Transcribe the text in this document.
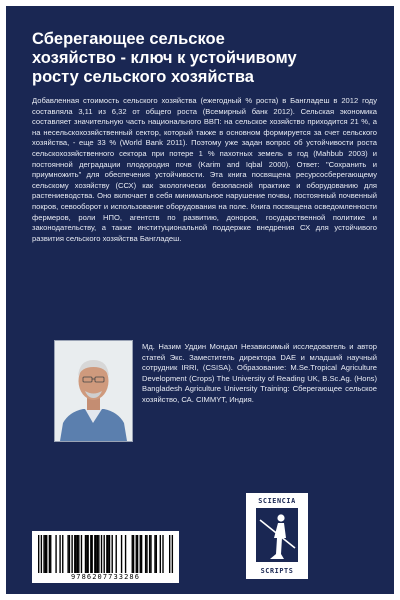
Сберегающее сельское
хозяйство - ключ к устойчивому
росту сельского хозяйства

Добавленная стоимость сельского хозяйства (ежегодный % роста) в Бангладеш в 2012 году составляла 3,11 из 6,32 от общего роста (Всемирный банк 2012). Сельская экономика составляет значительную часть национального ВВП: на сельское хозяйство приходится 21 %, а на несельскохозяйственный сектор, который также в основном формируется за счет сельского хозяйства, - еще 33 % (World Bank 2011). Поэтому уже задан вопрос об устойчивости роста сельскохозяйственного сектора при потере 1 % пахотных земель в год (Mahbub 2003) и постоянной деградации плодородия почв (Karim and Iqbal 2000). Ответ: "Сохранить и приумножить" для обеспечения устойчивости. Эта книга посвящена ресурсосберегающему сельскому хозяйству (ССХ) как экологически безопасной практике и оборудованию для растениеводства. Оно включает в себя минимальное нарушение почвы, постоянный почвенный покров, севооборот и использование оборудования на поле. Книга посвящена осведомленности фермеров, роли НПО, агентств по развитию, доноров, государственной политике и законодательству, а также институциональной поддержке внедрения СХ для устойчивого развития сельского хозяйства Бангладеш.

Мд. Назим Уддин Мондал Независимый исследователь и автор статей Экс. Заместитель директора DAE и младший научный сотрудник IRRI, (CSISA). Образование: M.Se.Tropical Agriculture Development (Crops) The University of Reading UK, B.Sc.Ag. (Hons) Bangladesh Agriculture University Training: Сберегающее сельское хозяйство, СА. CIMMYT, Индия.

SCIENCIA
SCRIPTS
9786207733286
